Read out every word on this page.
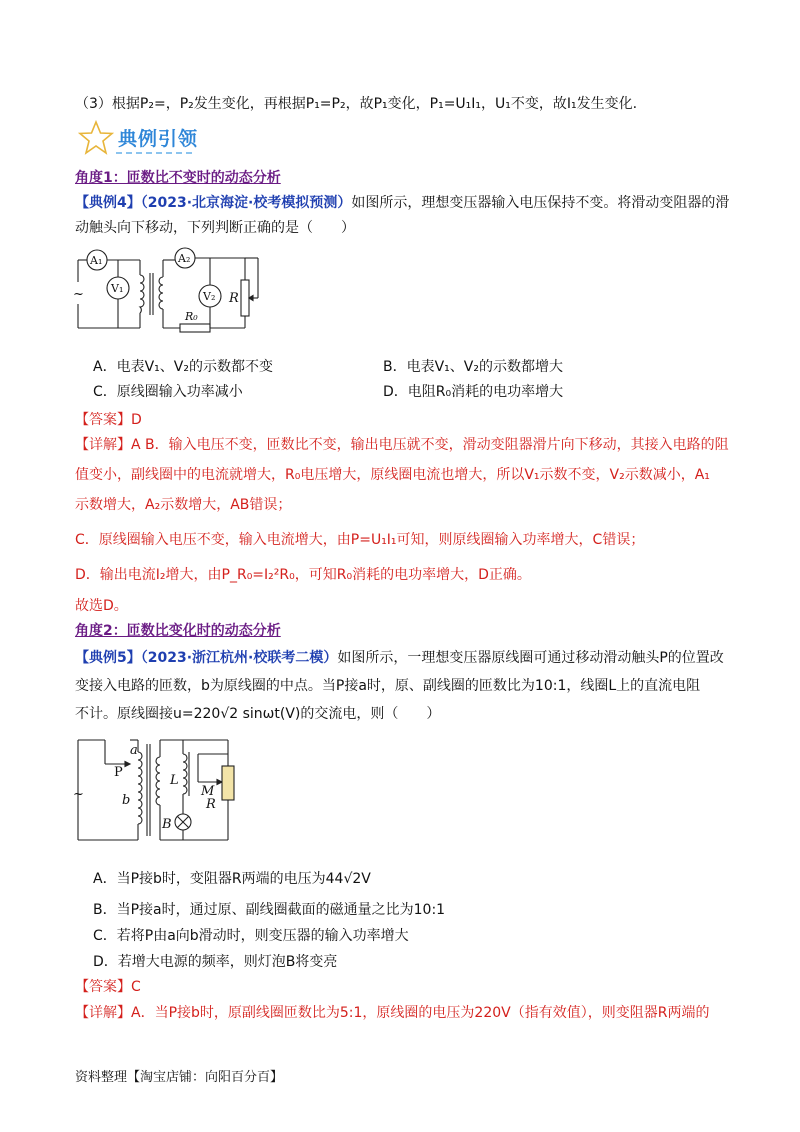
（3）根据P₂=，P₂发生变化，再根据P₁=P₂，故P₁变化，P₁=U₁I₁，U₁不变，故I₁发生变化.
典例引领
角度1：匝数比不变时的动态分析
【典例4】（2023·北京海淀·校考模拟预测）如图所示，理想变压器输入电压保持不变。将滑动变阻器的滑
动触头向下移动，下列判断正确的是（　　）
A₁
V₁
A₂
V₂ R
R₀
~
A．电表V₁、V₂的示数都不变	B．电表V₁、V₂的示数都增大
C．原线圈输入功率减小	D．电阻R₀消耗的电功率增大
【答案】D
【详解】A B．输入电压不变，匝数比不变，输出电压就不变，滑动变阻器滑片向下移动，其接入电路的阻
值变小，副线圈中的电流就增大，R₀电压增大，原线圈电流也增大，所以V₁示数不变，V₂示数减小，A₁
示数增大，A₂示数增大，AB错误；
C．原线圈输入电压不变，输入电流增大，由P=U₁I₁可知，则原线圈输入功率增大，C错误；
D．输出电流I₂增大，由P_R₀=I₂²R₀，可知R₀消耗的电功率增大，D正确。
故选D。
角度2：匝数比变化时的动态分析
【典例5】（2023·浙江杭州·校联考二模）如图所示，一理想变压器原线圈可通过移动滑动触头P的位置改
变接入电路的匝数，b为原线圈的中点。当P接a时，原、副线圈的匝数比为10:1，线圈L上的直流电阻
不计。原线圈接u=220√2 sinωt(V)的交流电，则（　　）
a
P
b
L
M
R
B
~
A．当P接b时，变阻器R两端的电压为44√2V
B．当P接a时，通过原、副线圈截面的磁通量之比为10:1
C．若将P由a向b滑动时，则变压器的输入功率增大
D．若增大电源的频率，则灯泡B将变亮
【答案】C
【详解】A．当P接b时，原副线圈匝数比为5:1，原线圈的电压为220V（指有效值），则变阻器R两端的
资料整理【淘宝店铺：向阳百分百】
